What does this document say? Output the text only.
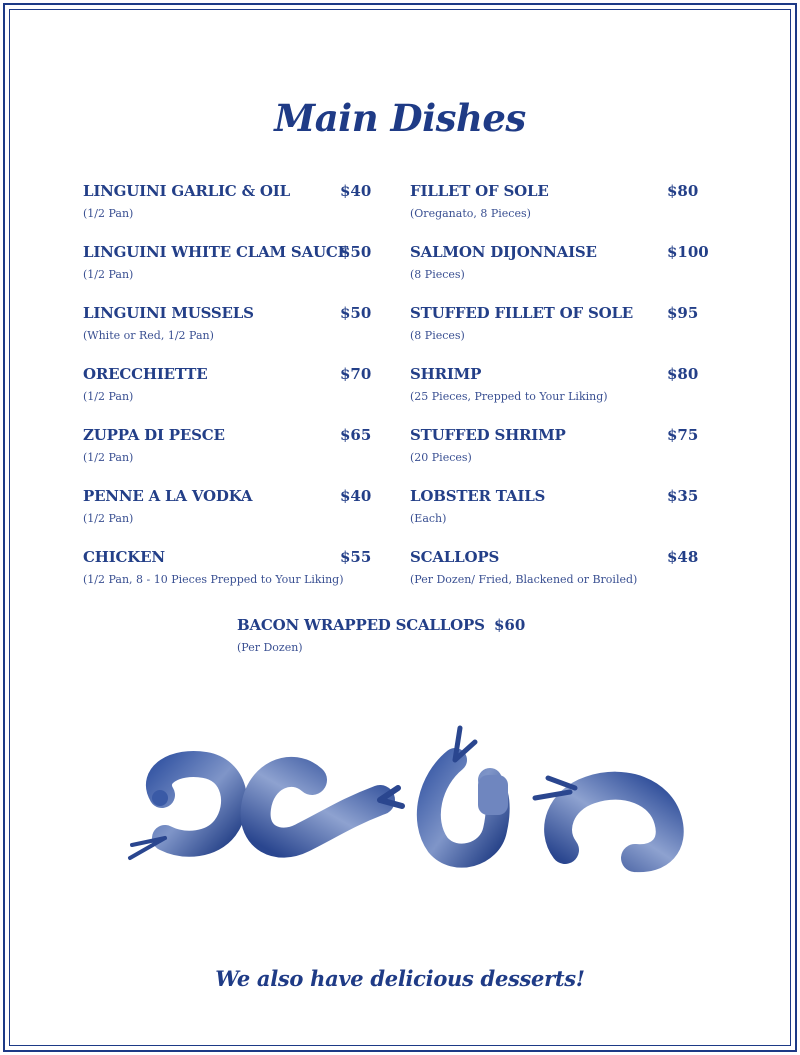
Main Dishes
LINGUINI GARLIC & OIL	$40
(1/2 Pan)
LINGUINI WHITE CLAM SAUCE
$50
(1/2 Pan)
LINGUINI MUSSELS	$50
(White or Red, 1/2 Pan)
ORECCHIETTE	$70
(1/2 Pan)
ZUPPA DI PESCE	$65
(1/2 Pan)
PENNE A LA VODKA	$40
(1/2 Pan)
CHICKEN	$55
(1/2 Pan, 8 - 10 Pieces Prepped to Your Liking)
FILLET OF SOLE	$80
(Oreganato, 8 Pieces)
SALMON DIJONNAISE	$100
(8 Pieces)
STUFFED FILLET OF SOLE $95
(8 Pieces)
SHRIMP	$80
(25 Pieces, Prepped to Your Liking)
STUFFED SHRIMP	$75
(20 Pieces)
LOBSTER TAILS	$35
(Each)
SCALLOPS	$48
(Per Dozen/ Fried, Blackened or Broiled)
BACON WRAPPED SCALLOPS $60
(Per Dozen)
We also have delicious desserts!
